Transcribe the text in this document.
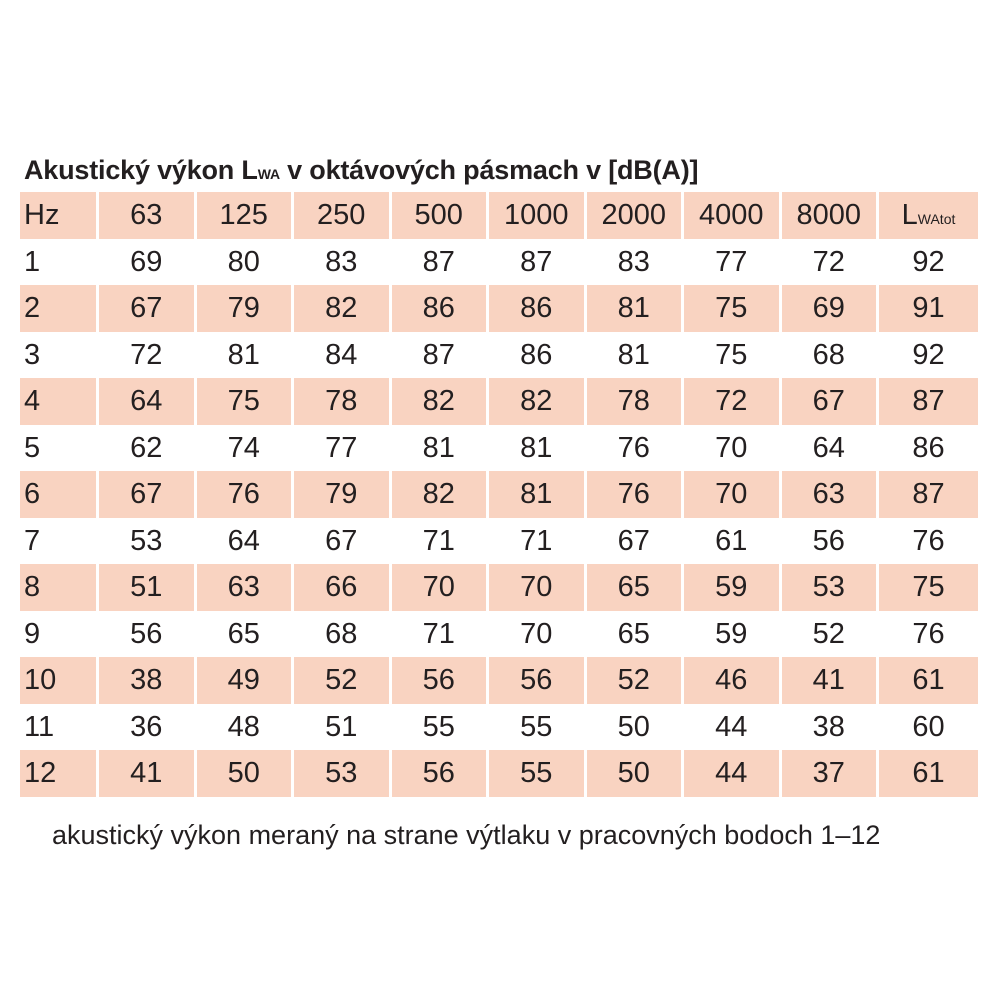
Akustický výkon LWA v oktávových pásmach v [dB(A)]
Hz	63	125	250	500	1000	2000	4000	8000	LWAtot
1	69	80	83	87	87	83	77	72	92
2	67	79	82	86	86	81	75	69	91
3	72	81	84	87	86	81	75	68	92
4	64	75	78	82	82	78	72	67	87
5	62	74	77	81	81	76	70	64	86
6	67	76	79	82	81	76	70	63	87
7	53	64	67	71	71	67	61	56	76
8	51	63	66	70	70	65	59	53	75
9	56	65	68	71	70	65	59	52	76
10	38	49	52	56	56	52	46	41	61
11	36	48	51	55	55	50	44	38	60
12	41	50	53	56	55	50	44	37	61
akustický výkon meraný na strane výtlaku v pracovných bodoch 1–12
